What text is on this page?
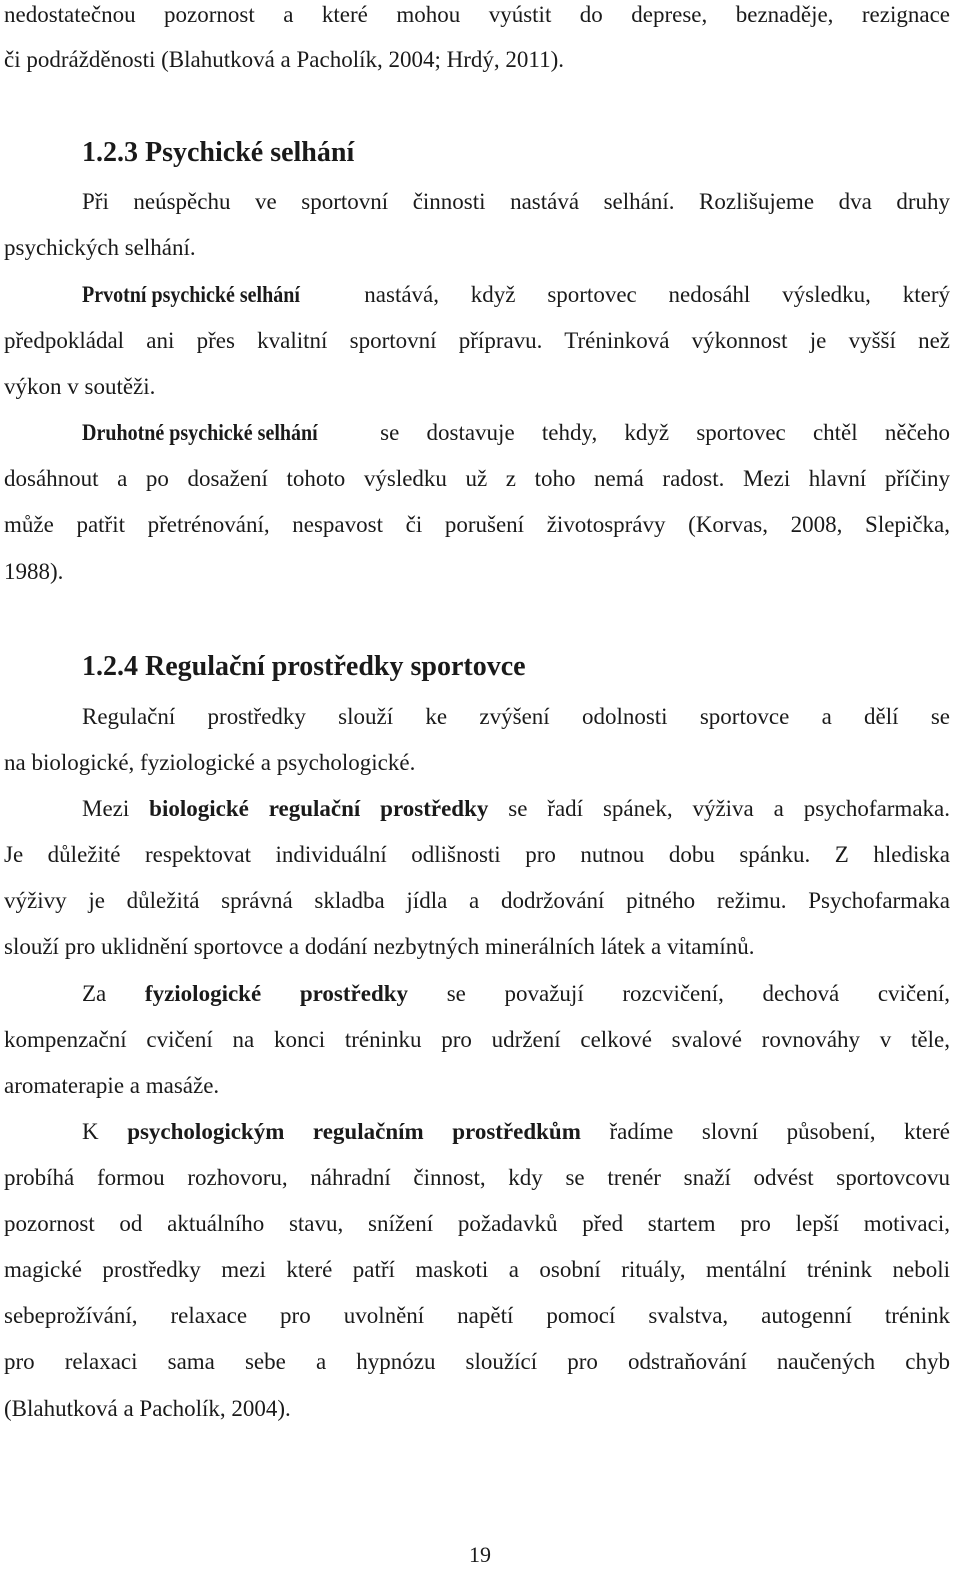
nedostatečnou pozornost a které mohou vyústit do deprese, beznaděje, rezignace
či podrážděnosti (Blahutková a Pacholík, 2004; Hrdý, 2011).
1.2.3 Psychické selhání
Při neúspěchu ve sportovní činnosti nastává selhání. Rozlišujeme dva druhy
psychických selhání.
Prvotní psychické selhání nastává, když sportovec nedosáhl výsledku, který
předpokládal ani přes kvalitní sportovní přípravu. Tréninková výkonnost je vyšší než
výkon v soutěži.
Druhotné psychické selhání se dostavuje tehdy, když sportovec chtěl něčeho
dosáhnout a po dosažení tohoto výsledku už z toho nemá radost. Mezi hlavní příčiny
může patřit přetrénování, nespavost či porušení životosprávy (Korvas, 2008, Slepička,
1988).
1.2.4 Regulační prostředky sportovce
Regulační prostředky slouží ke zvýšení odolnosti sportovce a dělí se
na biologické, fyziologické a psychologické.
Mezi biologické regulační prostředky se řadí spánek, výživa a psychofarmaka.
Je důležité respektovat individuální odlišnosti pro nutnou dobu spánku. Z hlediska
výživy je důležitá správná skladba jídla a dodržování pitného režimu. Psychofarmaka
slouží pro uklidnění sportovce a dodání nezbytných minerálních látek a vitamínů.
Za fyziologické prostředky se považují rozcvičení, dechová cvičení,
kompenzační cvičení na konci tréninku pro udržení celkové svalové rovnováhy v těle,
aromaterapie a masáže.
K psychologickým regulačním prostředkům řadíme slovní působení, které
probíhá formou rozhovoru, náhradní činnost, kdy se trenér snaží odvést sportovcovu
pozornost od aktuálního stavu, snížení požadavků před startem pro lepší motivaci,
magické prostředky mezi které patří maskoti a osobní rituály, mentální trénink neboli
sebeprožívání, relaxace pro uvolnění napětí pomocí svalstva, autogenní trénink
pro relaxaci sama sebe a hypnózu sloužící pro odstraňování naučených chyb
(Blahutková a Pacholík, 2004).
19
